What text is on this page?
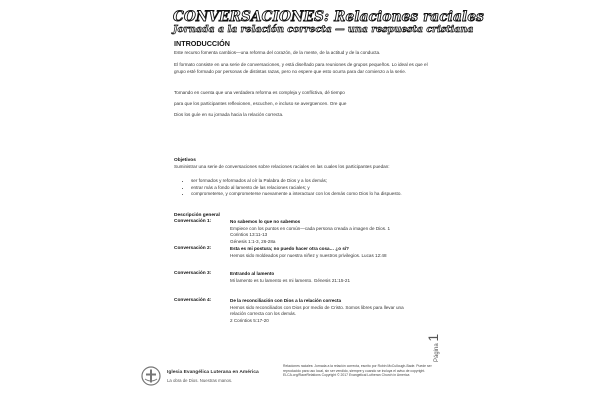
CONVERSACIONES: Relaciones raciales
Jornada a la relación correcta — una respuesta cristiana
INTRODUCCIÓN
Este recurso fomenta cambios—una reforma del corazón, de la mente, de la actitud y de la conducta.
El formato consiste en una serie de conversaciones, y está diseñado para reuniones de grupos pequeños. Lo ideal es que el grupo esté formado por personas de distintas razas, pero no espere que esto ocurra para dar comienzo a la serie.
Tomando en cuenta que una verdadera reforma es compleja y conflictiva, dé tiempo
para que los participantes reflexionen, escuchen, e incluso se avergüencen. Ore que
Dios los guíe en su jornada hacia la relación correcta.
Objetivos
Suministrar una serie de conversaciones sobre relaciones raciales en las cuales los participantes puedan:
• ser formados y reformados al oír la Palabra de Dios y a los demás;
• entrar más a fondo al lamento de las relaciones raciales; y
• comprometerse, y comprometerse nuevamente a interactuar con los demás como Dios lo ha dispuesto.
Descripción general
Conversación 1:	No sabemos lo que no sabemos
Empiece con los puntos en común—cada persona creada a imagen de Dios. 1 Corintios 13:11-13
Génesis 1:1-3, 26-28a
Conversación 2:	Esta es mi postura; no puedo hacer otra cosa… ¿o sí?
Hemos sido moldeados por nuestra niñez y nuestros privilegios. Lucas 12:48
Conversación 3:	Entrando al lamento
Mi lamento es tu lamento es mi lamento. Génesis 21:15-21
Conversación 4:	De la reconciliación con Dios a la relación correcta
Hemos sido reconciliados con Dios por medio de Cristo. Somos libres para llevar una relación correcta con los demás.
2 Corintios 5:17-20
Página 1
Iglesia Evangélica Luterana en América
La obra de Dios. Nuestras manos.
Relaciones raciales: Jornada a la relación correcta, escrito por Robin McCullough-Bade. Puede ser reproducido para uso local, sin ser vendido, siempre y cuando se incluya el aviso de copyright. ELCA.org/RaceRelations Copyright © 2017 Evangelical Lutheran Church in America
